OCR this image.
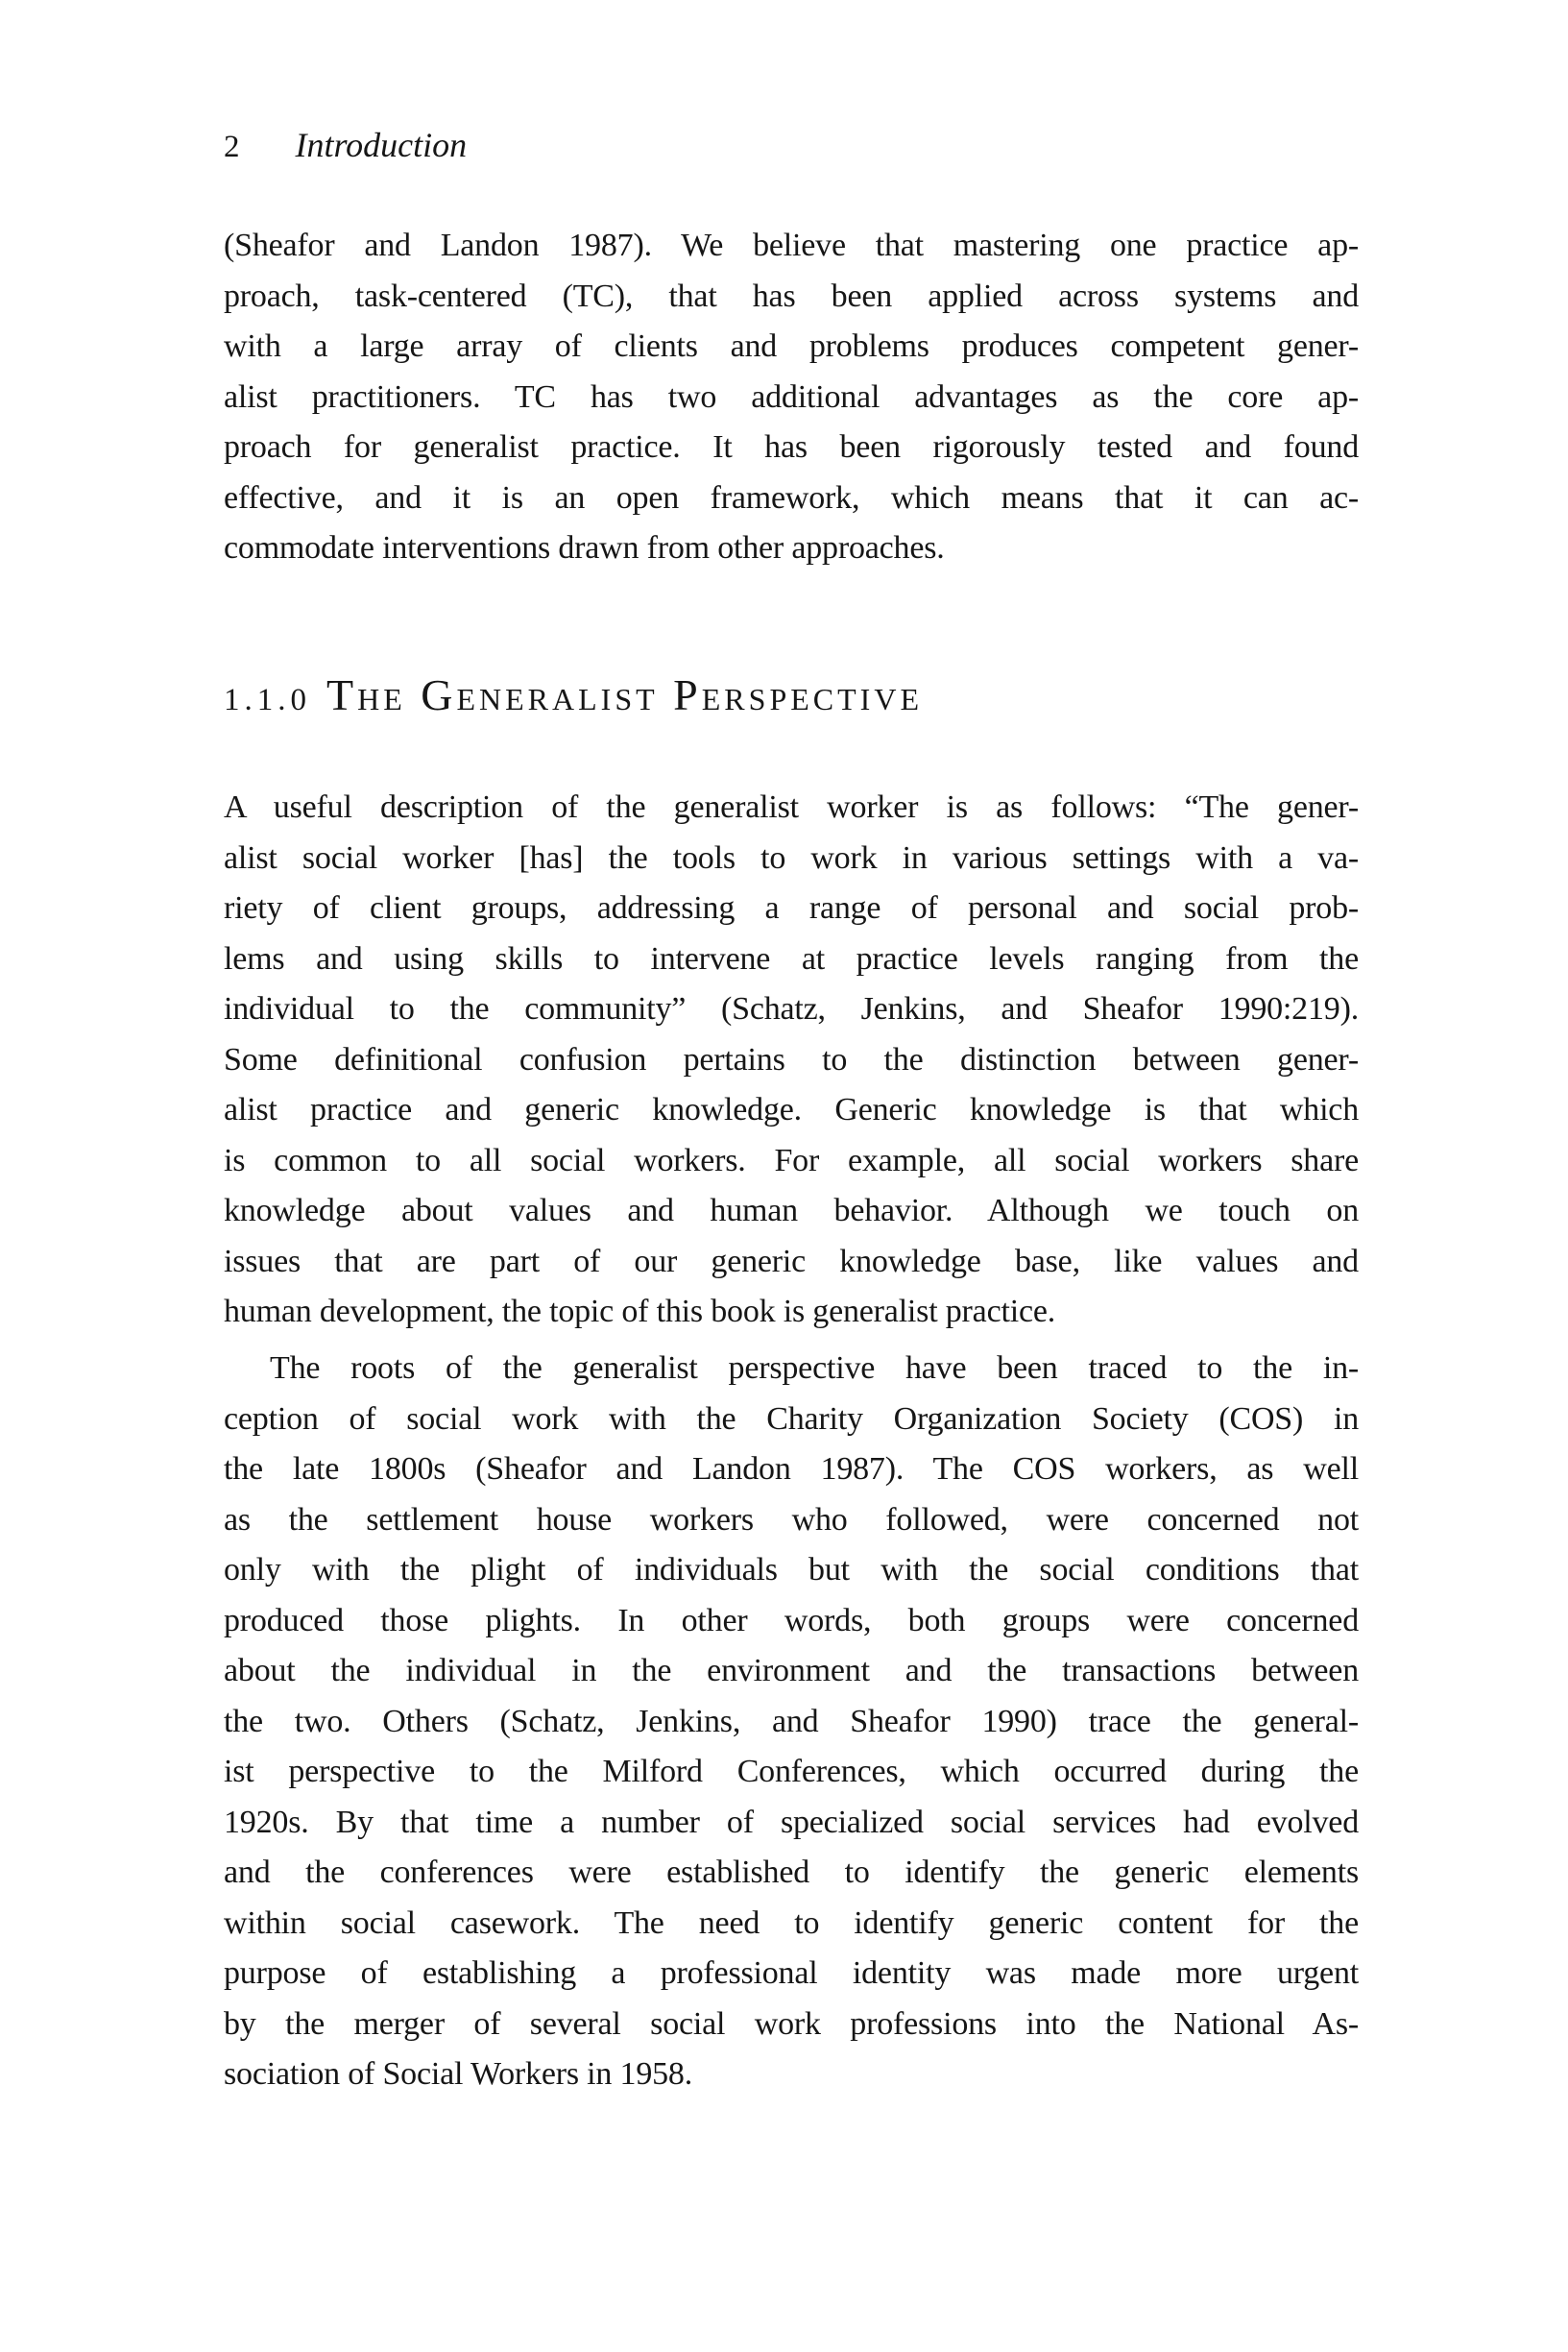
2 Introduction
(Sheafor and Landon 1987). We believe that mastering one practice ap-
proach, task-centered (TC), that has been applied across systems and
with a large array of clients and problems produces competent gener-
alist practitioners. TC has two additional advantages as the core ap-
proach for generalist practice. It has been rigorously tested and found
effective, and it is an open framework, which means that it can ac-
commodate interventions drawn from other approaches.
1.1.0 The Generalist Perspective
A useful description of the generalist worker is as follows: “The gener-
alist social worker [has] the tools to work in various settings with a va-
riety of client groups, addressing a range of personal and social prob-
lems and using skills to intervene at practice levels ranging from the
individual to the community” (Schatz, Jenkins, and Sheafor 1990:219).
Some definitional confusion pertains to the distinction between gener-
alist practice and generic knowledge. Generic knowledge is that which
is common to all social workers. For example, all social workers share
knowledge about values and human behavior. Although we touch on
issues that are part of our generic knowledge base, like values and
human development, the topic of this book is generalist practice.
The roots of the generalist perspective have been traced to the in-
ception of social work with the Charity Organization Society (COS) in
the late 1800s (Sheafor and Landon 1987). The COS workers, as well
as the settlement house workers who followed, were concerned not
only with the plight of individuals but with the social conditions that
produced those plights. In other words, both groups were concerned
about the individual in the environment and the transactions between
the two. Others (Schatz, Jenkins, and Sheafor 1990) trace the general-
ist perspective to the Milford Conferences, which occurred during the
1920s. By that time a number of specialized social services had evolved
and the conferences were established to identify the generic elements
within social casework. The need to identify generic content for the
purpose of establishing a professional identity was made more urgent
by the merger of several social work professions into the National As-
sociation of Social Workers in 1958.
